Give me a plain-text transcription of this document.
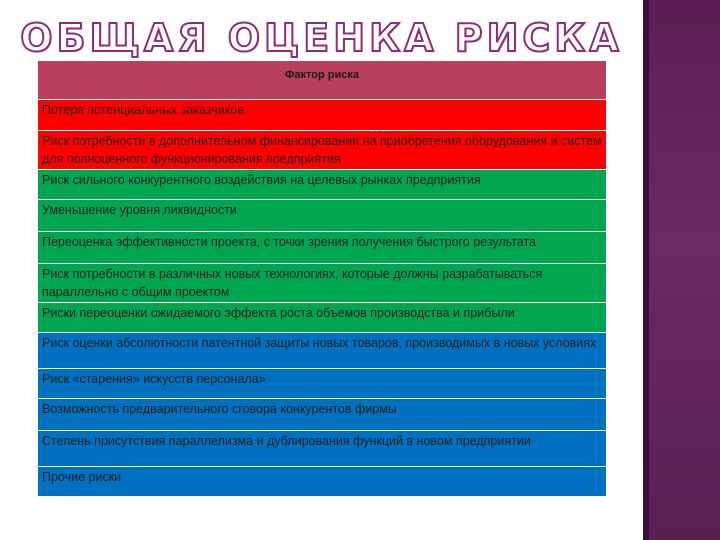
ОБЩАЯ ОЦЕНКА РИСКА
Фактор риска
Потеря потенциальных заказчиков
Риск потребности в дополнительном финансировании на приобретения оборудования и систем для полноценного функционирования предприятия
Риск сильного конкурентного воздействия на целевых рынках предприятия
Уменьшение уровня ликвидности
Переоценка эффективности проекта, с точки зрения получения быстрого результата
Риск потребности в различных новых технологиях, которые должны разрабатываться параллельно с общим проектом
Риски переоценки ожидаемого эффекта роста объемов производства и прибыли
Риск оценки абсолютности патентной защиты новых товаров, производимых в новых условиях
Риск «старения» искусств персонала»
Возможность предварительного сговора конкурентов фирмы
Степень присутствия параллелизма и дублирования функций в новом предприятии
Прочие риски
